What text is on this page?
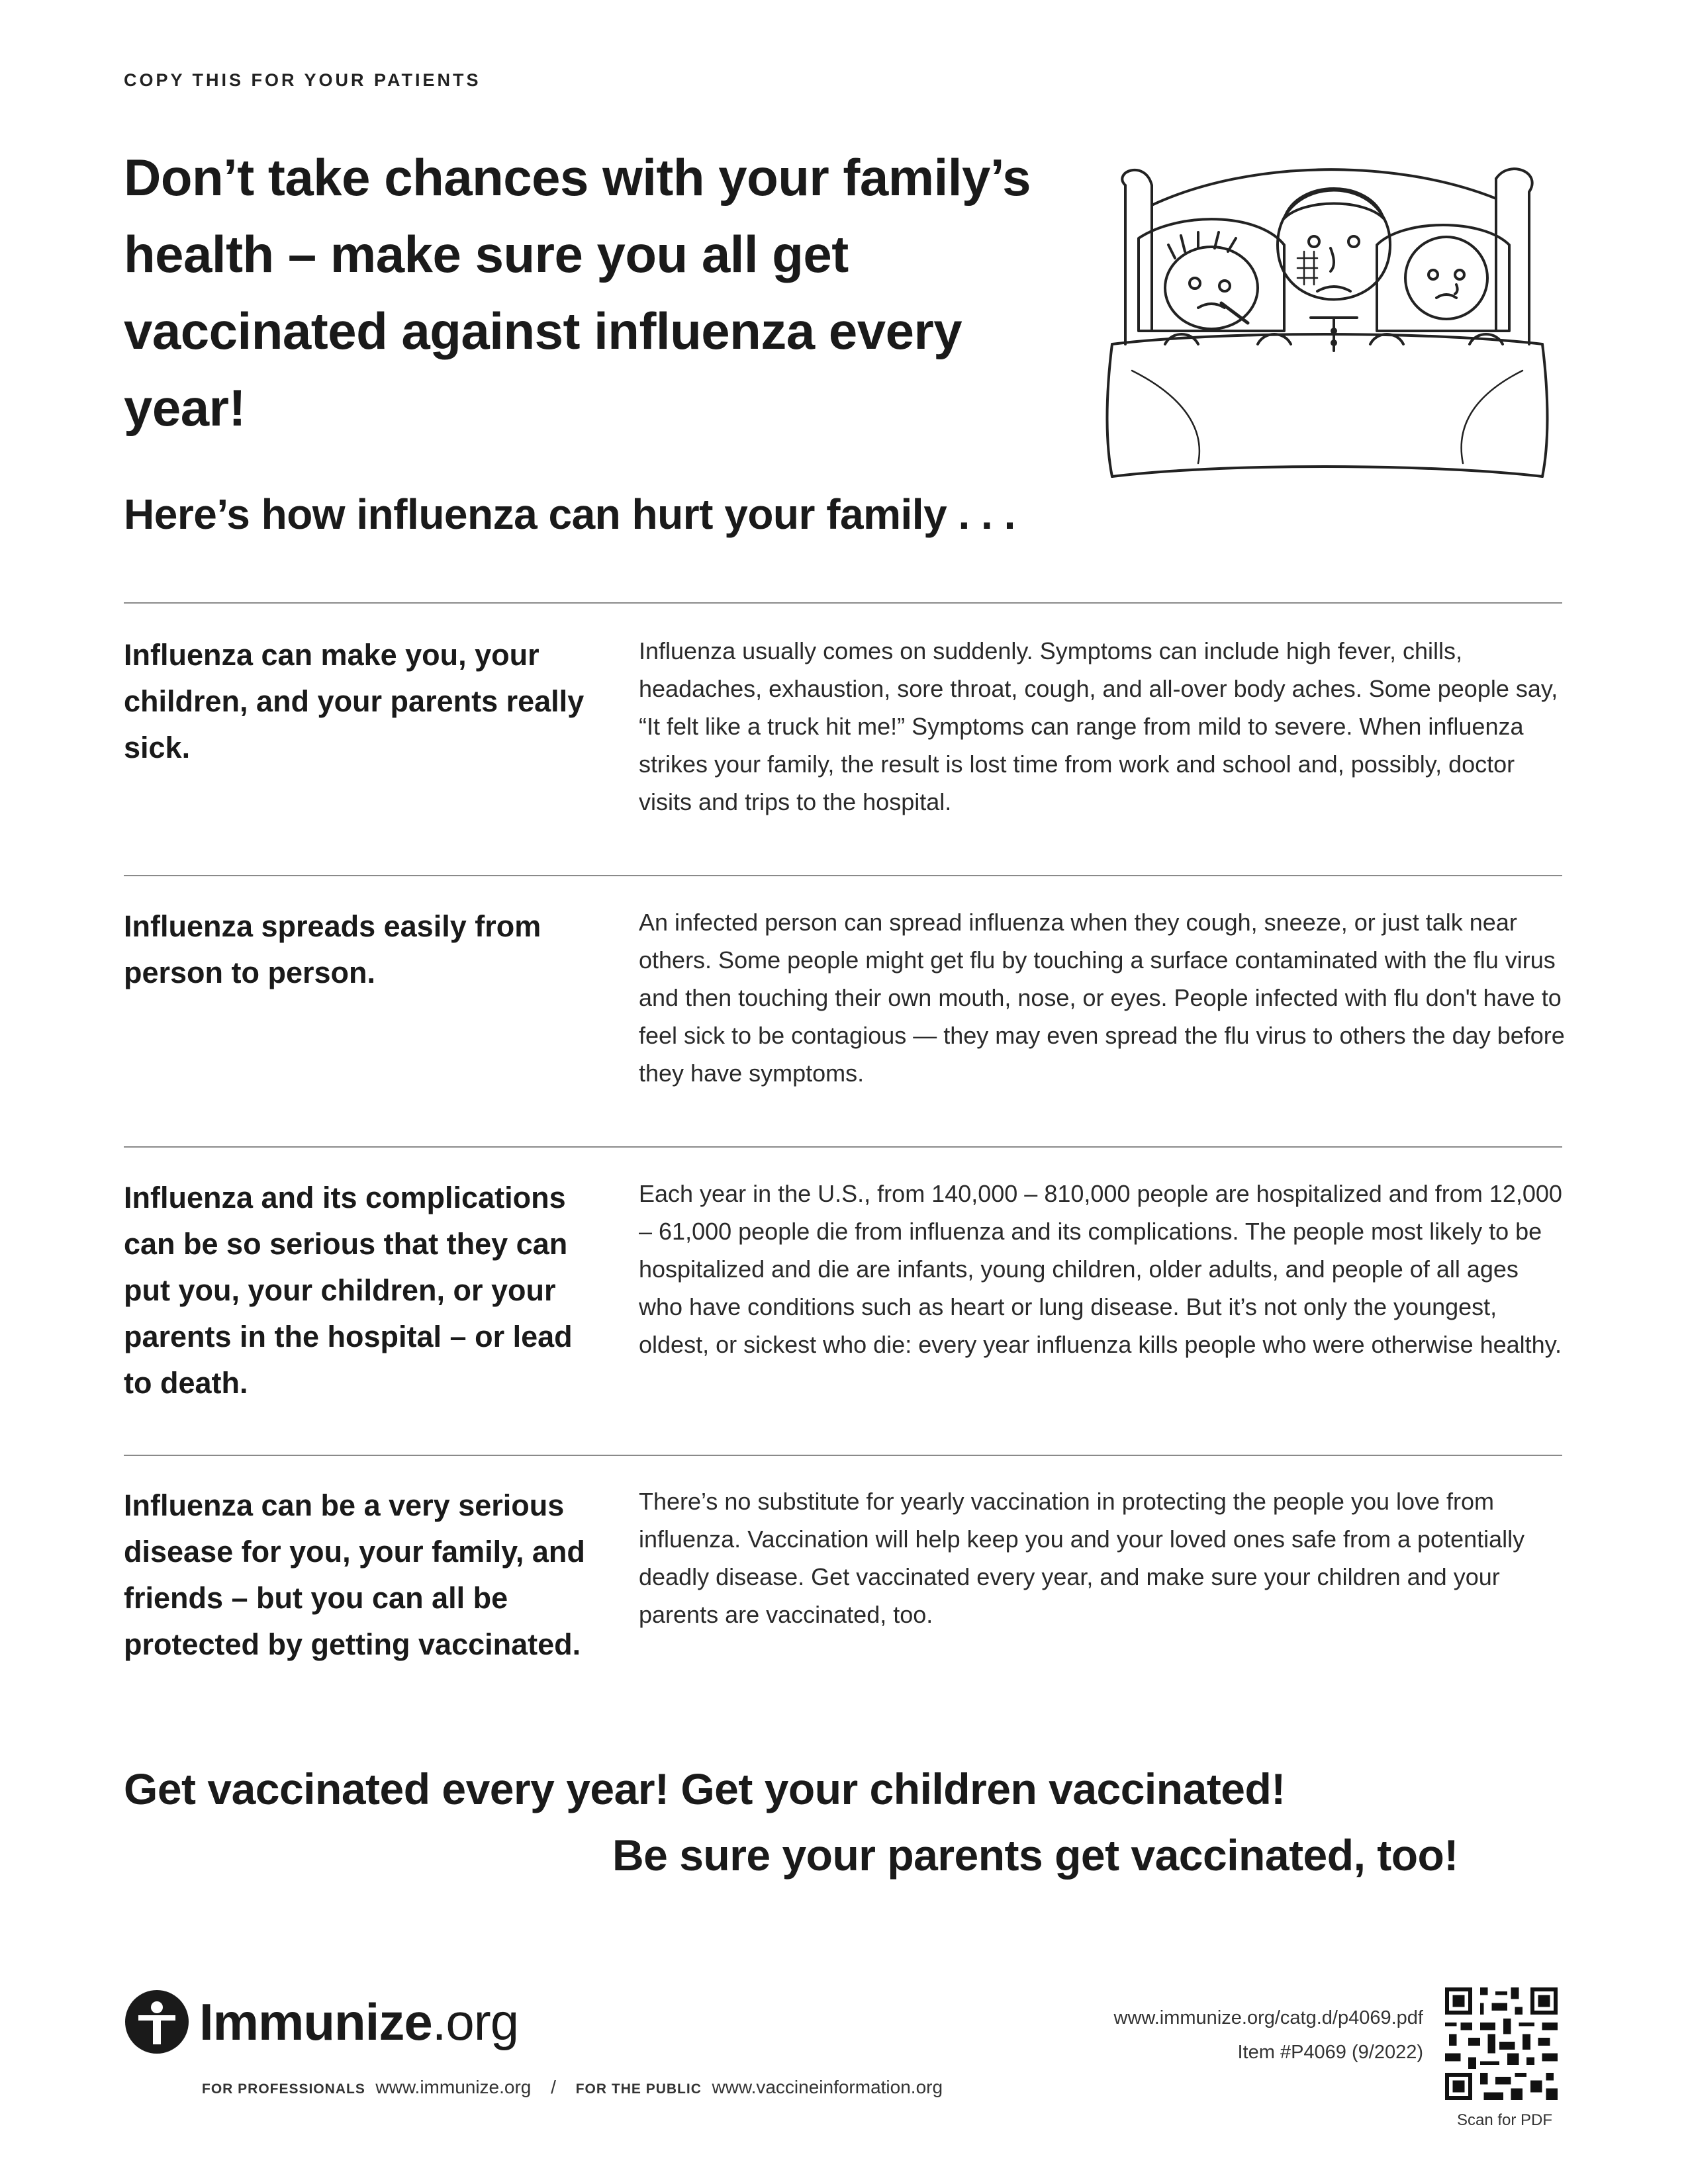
COPY THIS FOR YOUR PATIENTS
Don’t take chances with your family’s health – make sure you all get vaccinated against influenza every year!
Here’s how influenza can hurt your family . . .
Influenza can make you, your children, and your parents really sick.
Influenza usually comes on suddenly. Symptoms can include high fever, chills, headaches, exhaustion, sore throat, cough, and all-over body aches. Some people say, “It felt like a truck hit me!” Symptoms can range from mild to severe. When influenza strikes your family, the result is lost time from work and school and, possibly, doctor visits and trips to the hospital.
Influenza spreads easily from person to person.
An infected person can spread influenza when they cough, sneeze, or just talk near others. Some people might get flu by touching a surface contaminated with the flu virus and then touching their own mouth, nose, or eyes. People infected with flu don't have to feel sick to be contagious — they may even spread the flu virus to others the day before they have symptoms.
Influenza and its complications can be so serious that they can put you, your children, or your parents in the hospital – or lead to death.
Each year in the U.S., from 140,000 – 810,000 people are hospitalized and from 12,000 – 61,000 people die from influenza and its complications. The people most likely to be hospitalized and die are infants, young children, older adults, and people of all ages who have conditions such as heart or lung disease. But it’s not only the youngest, oldest, or sickest who die: every year influenza kills people who were otherwise healthy.
Influenza can be a very serious disease for you, your family, and friends – but you can all be protected by getting vaccinated.
There’s no substitute for yearly vaccination in protecting the people you love from influenza. Vaccination will help keep you and your loved ones safe from a potentially deadly disease. Get vaccinated every year, and make sure your children and your parents are vaccinated, too.
Get vaccinated every year! Get your children vaccinated!
Be sure your parents get vaccinated, too!
Immunize.org
FOR PROFESSIONALS www.immunize.org / FOR THE PUBLIC www.vaccineinformation.org
www.immunize.org/catg.d/p4069.pdf
Item #P4069 (9/2022)
Scan for PDF
